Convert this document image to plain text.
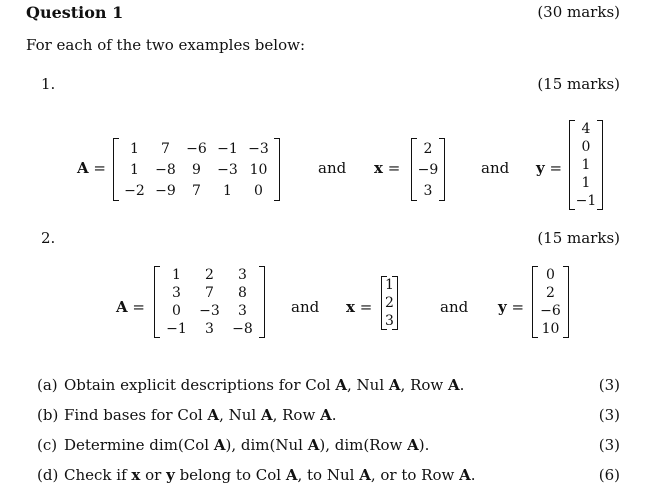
Question 1	(30 marks)
For each of the two examples below:
1.	(15 marks)
A =
1	7	−6	−1	−3
1	−8	9	−3	10
−2	−9	7	1	0
and x =
2
−9
3
and y =
4
0
1
1
−1
2.	(15 marks)
A =
1	2	3
3	7	8
0	−3	3
−1	3	−8
and x =
1
2
3
and y =
0
2
−6
10
(a) Obtain explicit descriptions for Col A, Nul A, Row A.	(3)
(b) Find bases for Col A, Nul A, Row A.	(3)
(c) Determine dim(Col A), dim(Nul A), dim(Row A).	(3)
(d) Check if x or y belong to Col A, to Nul A, or to Row A.	(6)
